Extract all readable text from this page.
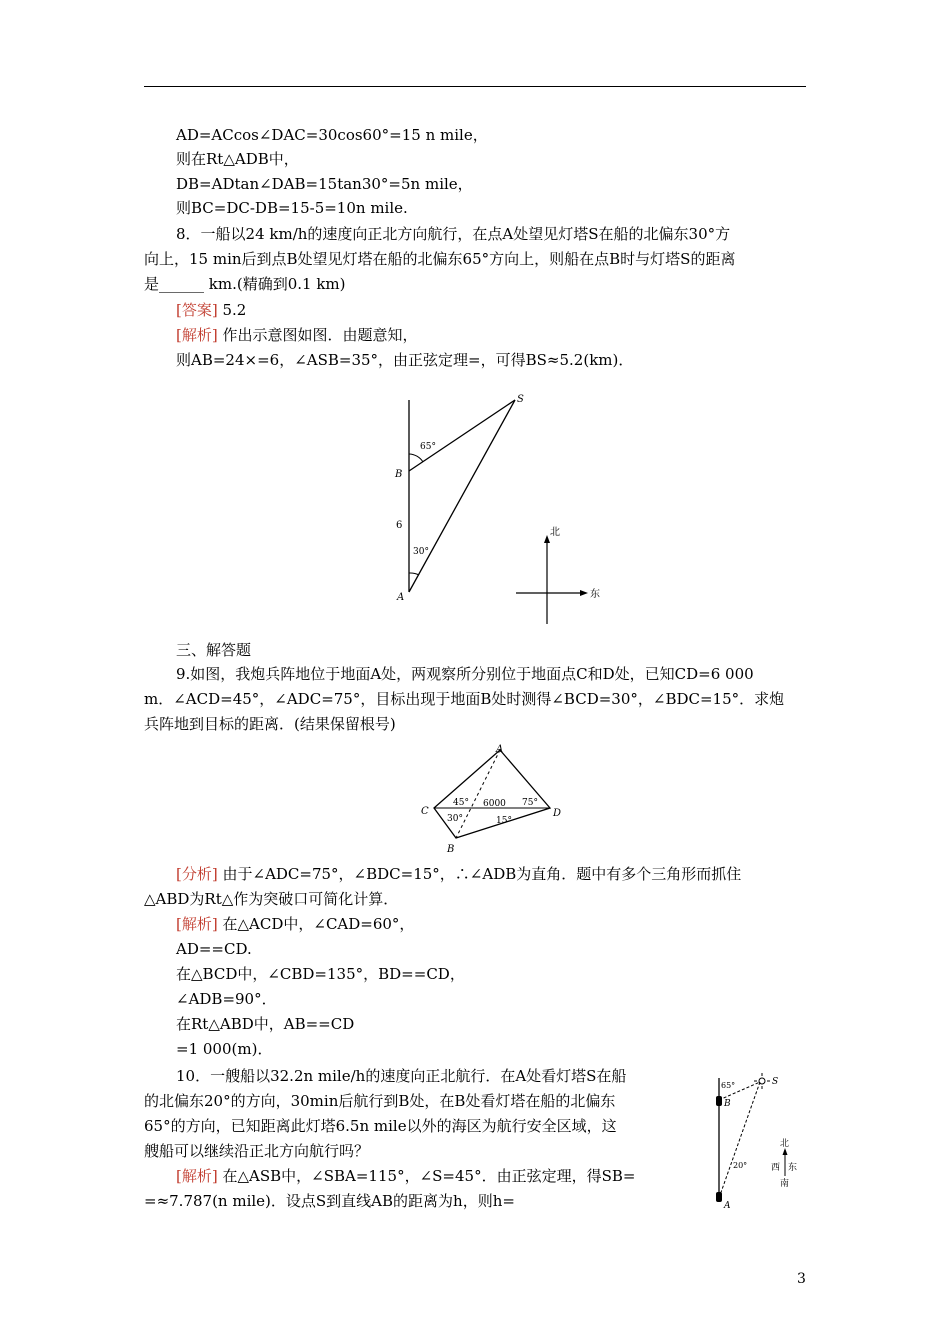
AD=ACcos∠DAC=30cos60°=15 n mile，
则在Rt△ADB中，
DB=ADtan∠DAB=15tan30°=5n mile，
则BC=DC-DB=15-5=10n mile.
8．一船以24 km/h的速度向正北方向航行，在点A处望见灯塔S在船的北偏东30°方
向上，15 min后到点B处望见灯塔在船的北偏东65°方向上，则船在点B时与灯塔S的距离
是______ km.(精确到0.1 km)
[答案] 5.2
[解析] 作出示意图如图．由题意知，
则AB=24×=6，∠ASB=35°，由正弦定理=，可得BS≈5.2(km)．
S
B
A
65°
30°
6
北
东
三、解答题
9.如图，我炮兵阵地位于地面A处，两观察所分别位于地面点C和D处，已知CD=6 000
m．∠ACD=45°，∠ADC=75°，目标出现于地面B处时测得∠BCD=30°，∠BDC=15°．求炮
兵阵地到目标的距离．(结果保留根号)
A
C	D
B
45° 6000 75°
30°	15°
[分析] 由于∠ADC=75°，∠BDC=15°，∴∠ADB为直角．题中有多个三角形而抓住
△ABD为Rt△作为突破口可简化计算．
[解析] 在△ACD中，∠CAD=60°，
AD==CD.
在△BCD中，∠CBD=135°，BD==CD，
∠ADB=90°．
在Rt△ABD中，AB==CD
=1 000(m)．
10．一艘船以32.2n mile/h的速度向正北航行．在A处看灯塔S在船
的北偏东20°的方向，30min后航行到B处，在B处看灯塔在船的北偏东
65°的方向，已知距离此灯塔6.5n mile以外的海区为航行安全区域，这
艘船可以继续沿正北方向航行吗？
[解析] 在△ASB中，∠SBA=115°，∠S=45°．由正弦定理，得SB=
=≈7.787(n mile)．设点S到直线AB的距离为h，则h=
S
B
A
65°
20°
北
西 东
南
3
